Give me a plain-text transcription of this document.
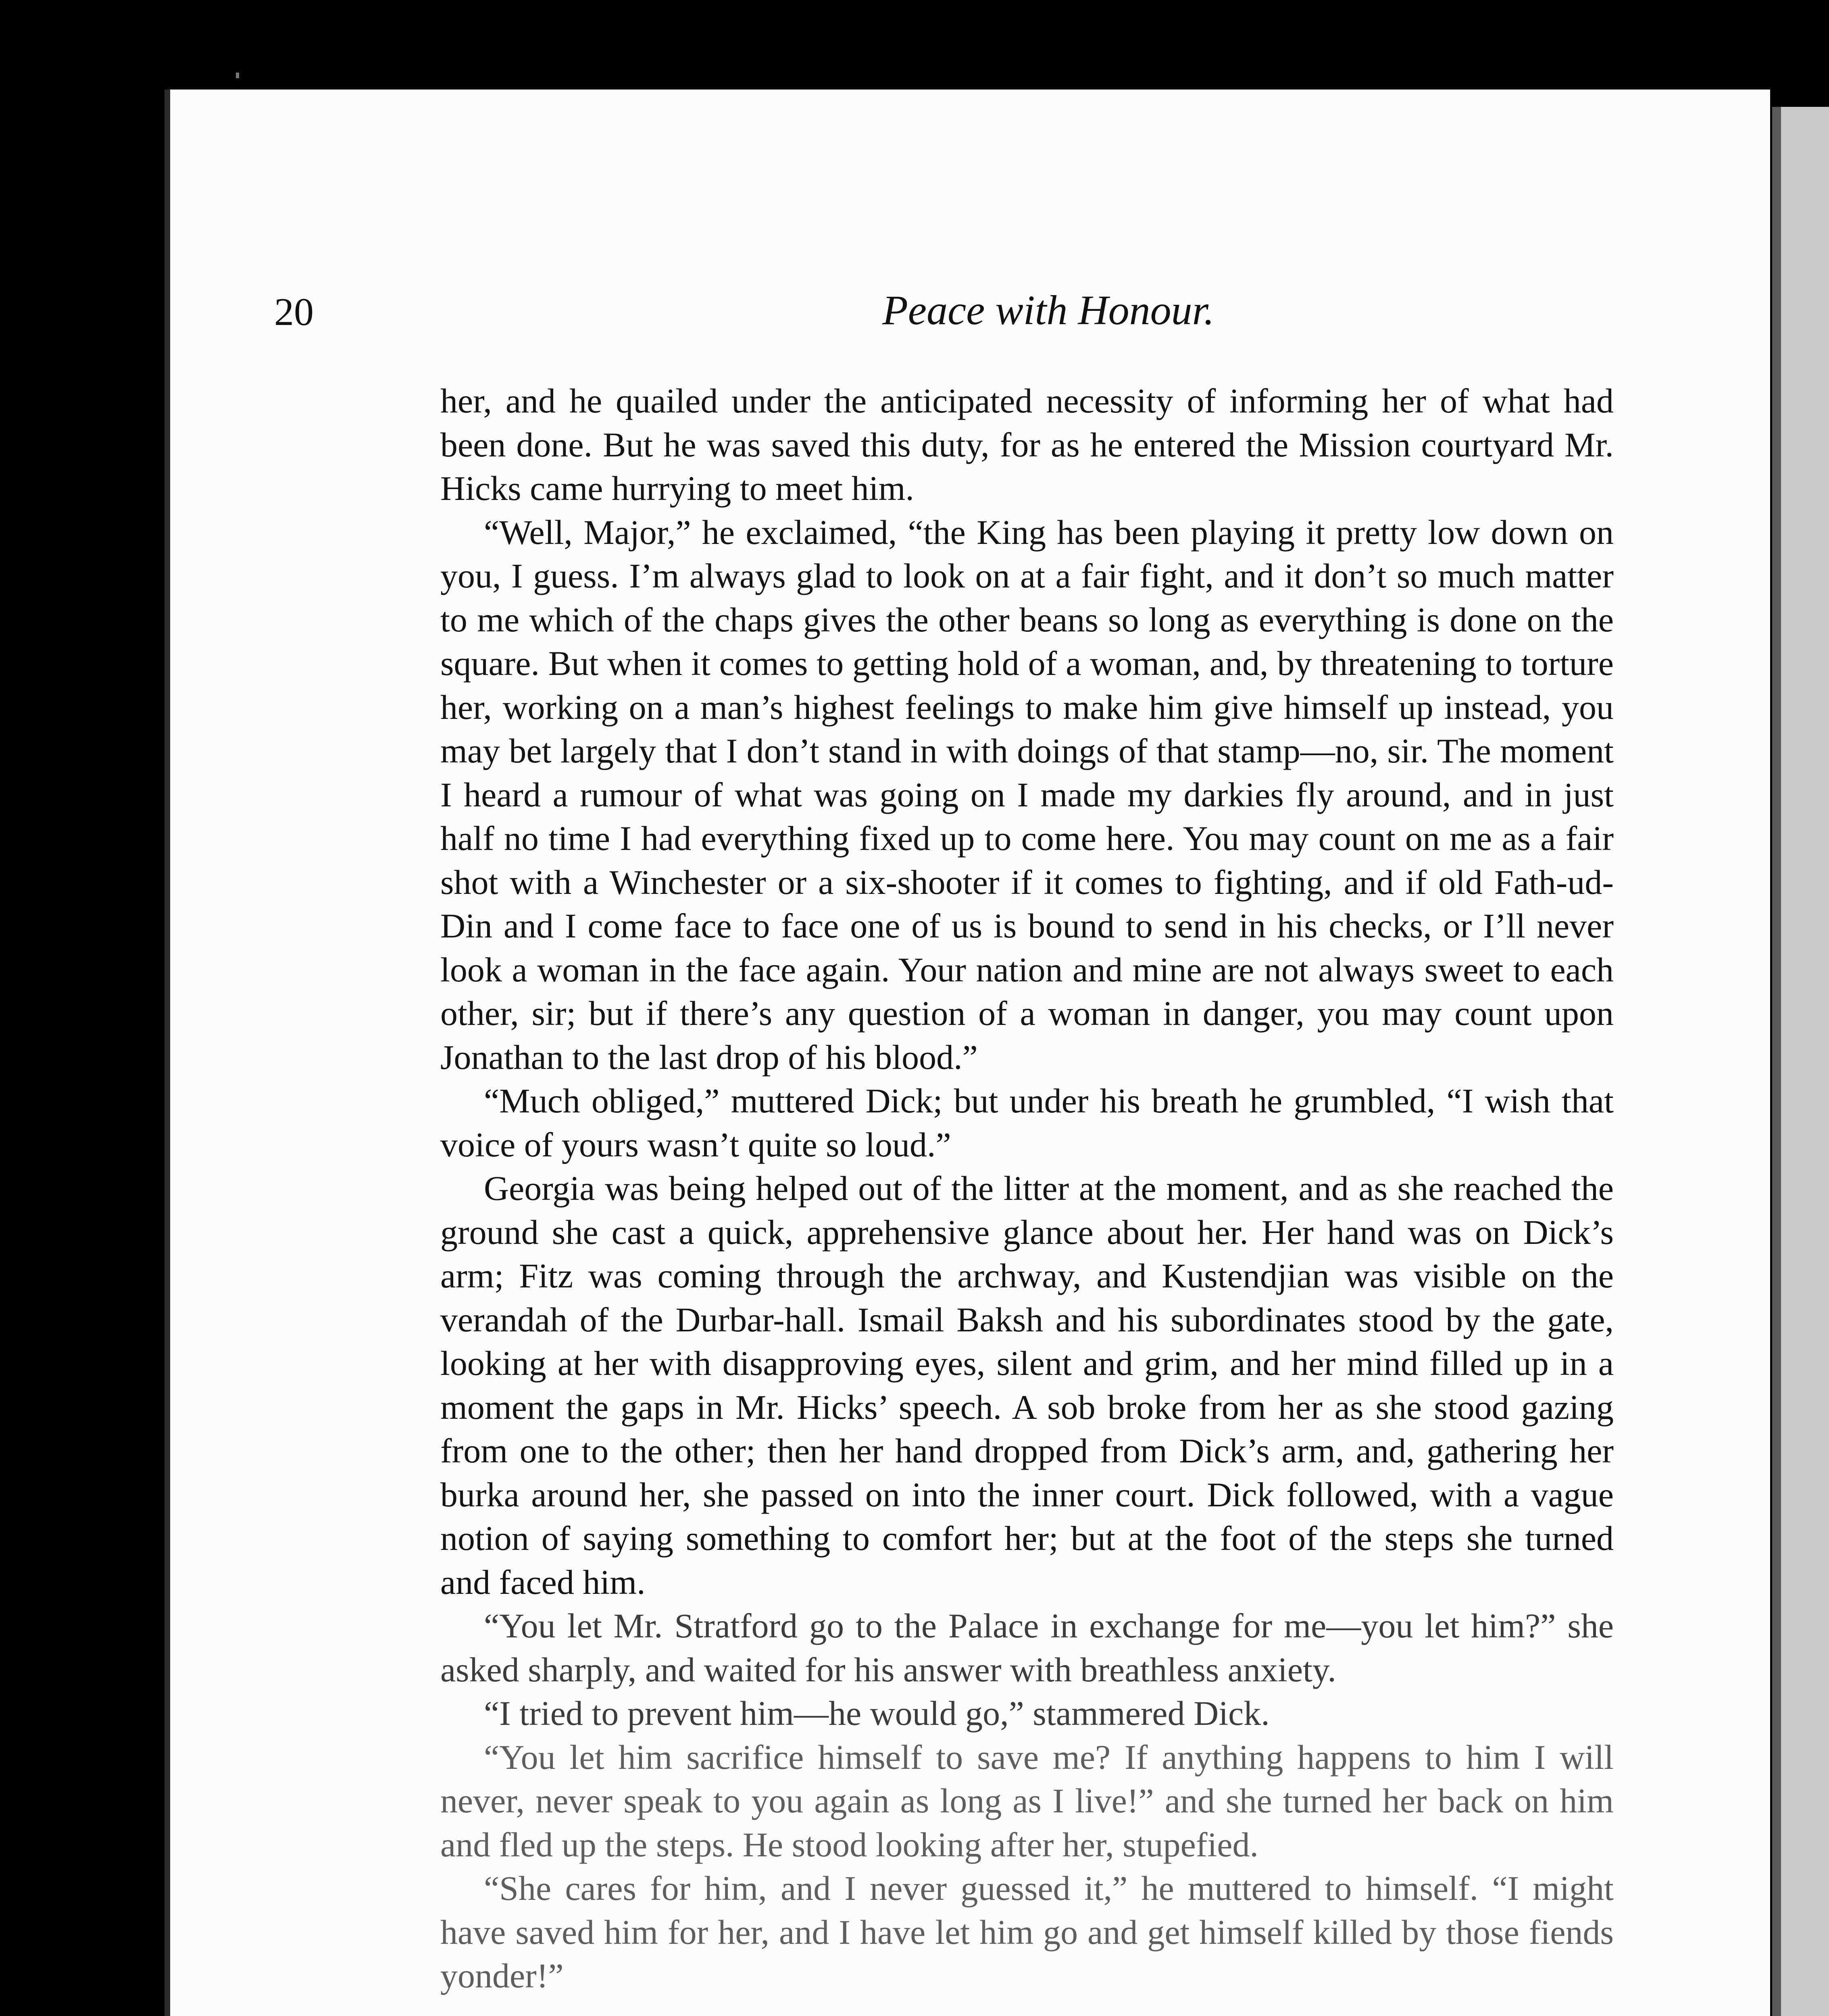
20	Peace with Honour.

her, and he quailed under the anticipated necessity of informing her of what had been done. But he was saved this duty, for as he entered the Mission courtyard Mr. Hicks came hurrying to meet him.

“Well, Major,” he exclaimed, “the King has been playing it pretty low down on you, I guess. I’m always glad to look on at a fair fight, and it don’t so much matter to me which of the chaps gives the other beans so long as everything is done on the square. But when it comes to getting hold of a woman, and, by threatening to torture her, working on a man’s highest feelings to make him give himself up instead, you may bet largely that I don’t stand in with doings of that stamp—no, sir. The moment I heard a rumour of what was going on I made my darkies fly around, and in just half no time I had everything fixed up to come here. You may count on me as a fair shot with a Winchester or a six-shooter if it comes to fighting, and if old Fath-ud-Din and I come face to face one of us is bound to send in his checks, or I’ll never look a woman in the face again. Your nation and mine are not always sweet to each other, sir; but if there’s any question of a woman in danger, you may count upon Jonathan to the last drop of his blood.”

“Much obliged,” muttered Dick; but under his breath he grumbled, “I wish that voice of yours wasn’t quite so loud.”

Georgia was being helped out of the litter at the moment, and as she reached the ground she cast a quick, apprehensive glance about her. Her hand was on Dick’s arm; Fitz was coming through the archway, and Kustendjian was visible on the verandah of the Durbar-hall. Ismail Baksh and his subordinates stood by the gate, looking at her with disapproving eyes, silent and grim, and her mind filled up in a moment the gaps in Mr. Hicks’ speech. A sob broke from her as she stood gazing from one to the other; then her hand dropped from Dick’s arm, and, gathering her burka around her, she passed on into the inner court. Dick followed, with a vague notion of saying something to comfort her; but at the foot of the steps she turned and faced him.

“You let Mr. Stratford go to the Palace in exchange for me—you let him?” she asked sharply, and waited for his answer with breathless anxiety.

“I tried to prevent him—he would go,” stammered Dick.

“You let him sacrifice himself to save me? If anything happens to him I will never, never speak to you again as long as I live!” and she turned her back on him and fled up the steps. He stood looking after her, stupefied.

“She cares for him, and I never guessed it,” he muttered to himself. “I might have saved him for her, and I have let him go and get himself killed by those fiends yonder!”
